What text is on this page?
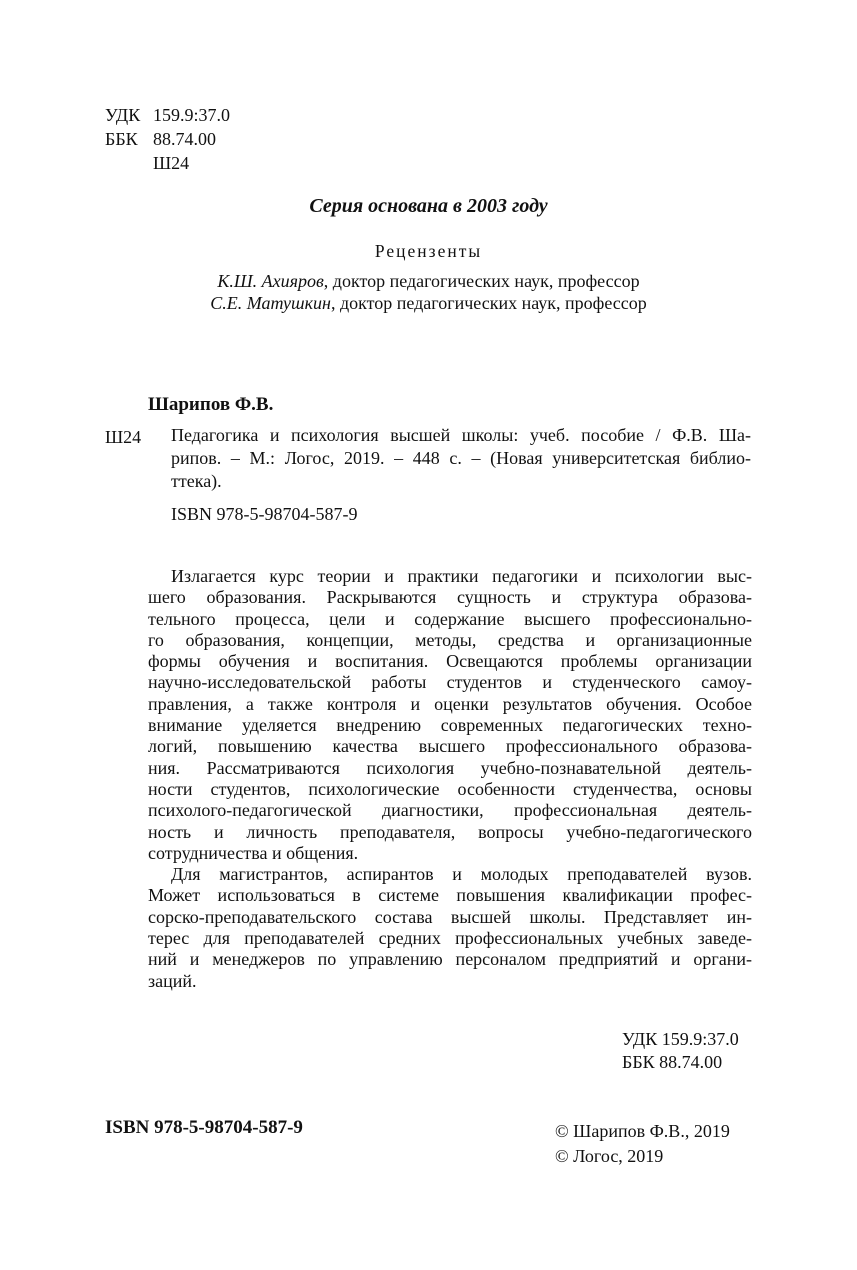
УДК 159.9:37.0
ББК 88.74.00
Ш24
Серия основана в 2003 году
Рецензенты
К.Ш. Ахияров, доктор педагогических наук, профессор
С.Е. Матушкин, доктор педагогических наук, профессор
Шарипов Ф.В.
Ш24 Педагогика и психология высшей школы: учеб. пособие / Ф.В. Ша-
рипов. – М.: Логос, 2019. – 448 с. – (Новая университетская библио-
ттека).
ISBN 978-5-98704-587-9
Излагается курс теории и практики педагогики и психологии выс-
шего образования. Раскрываются сущность и структура образова-
тельного процесса, цели и содержание высшего профессионально-
го образования, концепции, методы, средства и организационные
формы обучения и воспитания. Освещаются проблемы организации
научно-исследовательской работы студентов и студенческого самоу-
правления, а также контроля и оценки результатов обучения. Особое
внимание уделяется внедрению современных педагогических техно-
логий, повышению качества высшего профессионального образова-
ния. Рассматриваются психология учебно-познавательной деятель-
ности студентов, психологические особенности студенчества, основы
психолого-педагогической диагностики, профессиональная деятель-
ность и личность преподавателя, вопросы учебно-педагогического
сотрудничества и общения.
Для магистрантов, аспирантов и молодых преподавателей вузов.
Может использоваться в системе повышения квалификации профес-
сорско-преподавательского состава высшей школы. Представляет ин-
терес для преподавателей средних профессиональных учебных заведе-
ний и менеджеров по управлению персоналом предприятий и органи-
заций.
УДК 159.9:37.0
ББК 88.74.00
ISBN 978-5-98704-587-9	© Шарипов Ф.В., 2019
© Логос, 2019
